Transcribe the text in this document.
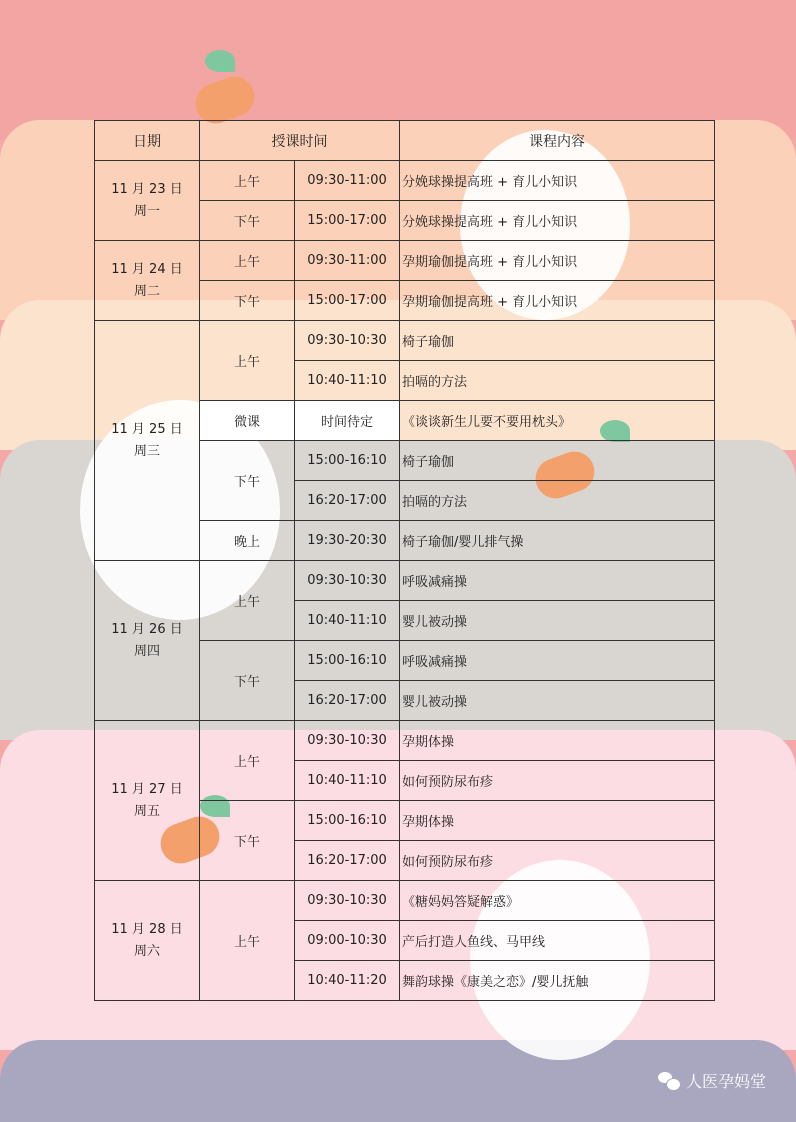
日期	授课时间		课程内容

11 月 23 日
周一	上午	09:30-11:00	分娩球操提高班 + 育儿小知识
	下午	15:00-17:00	分娩球操提高班 + 育儿小知识

11 月 24 日
周二	上午	09:30-11:00	孕期瑜伽提高班 + 育儿小知识
	下午	15:00-17:00	孕期瑜伽提高班 + 育儿小知识

11 月 25 日
周三	上午	09:30-10:30	椅子瑜伽
		10:40-11:10	拍嗝的方法
	微课	时间待定	《谈谈新生儿要不要用枕头》
	下午	15:00-16:10	椅子瑜伽
		16:20-17:00	拍嗝的方法
	晚上	19:30-20:30	椅子瑜伽/婴儿排气操

11 月 26 日
周四	上午	09:30-10:30	呼吸减痛操
		10:40-11:10	婴儿被动操
	下午	15:00-16:10	呼吸减痛操
		16:20-17:00	婴儿被动操

11 月 27 日
周五	上午	09:30-10:30	孕期体操
		10:40-11:10	如何预防尿布疹
	下午	15:00-16:10	孕期体操
		16:20-17:00	如何预防尿布疹

11 月 28 日
周六	上午	09:30-10:30	《糖妈妈答疑解惑》
		09:00-10:30	产后打造人鱼线、马甲线
		10:40-11:20	舞韵球操《康美之恋》/婴儿抚触
人医孕妈堂
